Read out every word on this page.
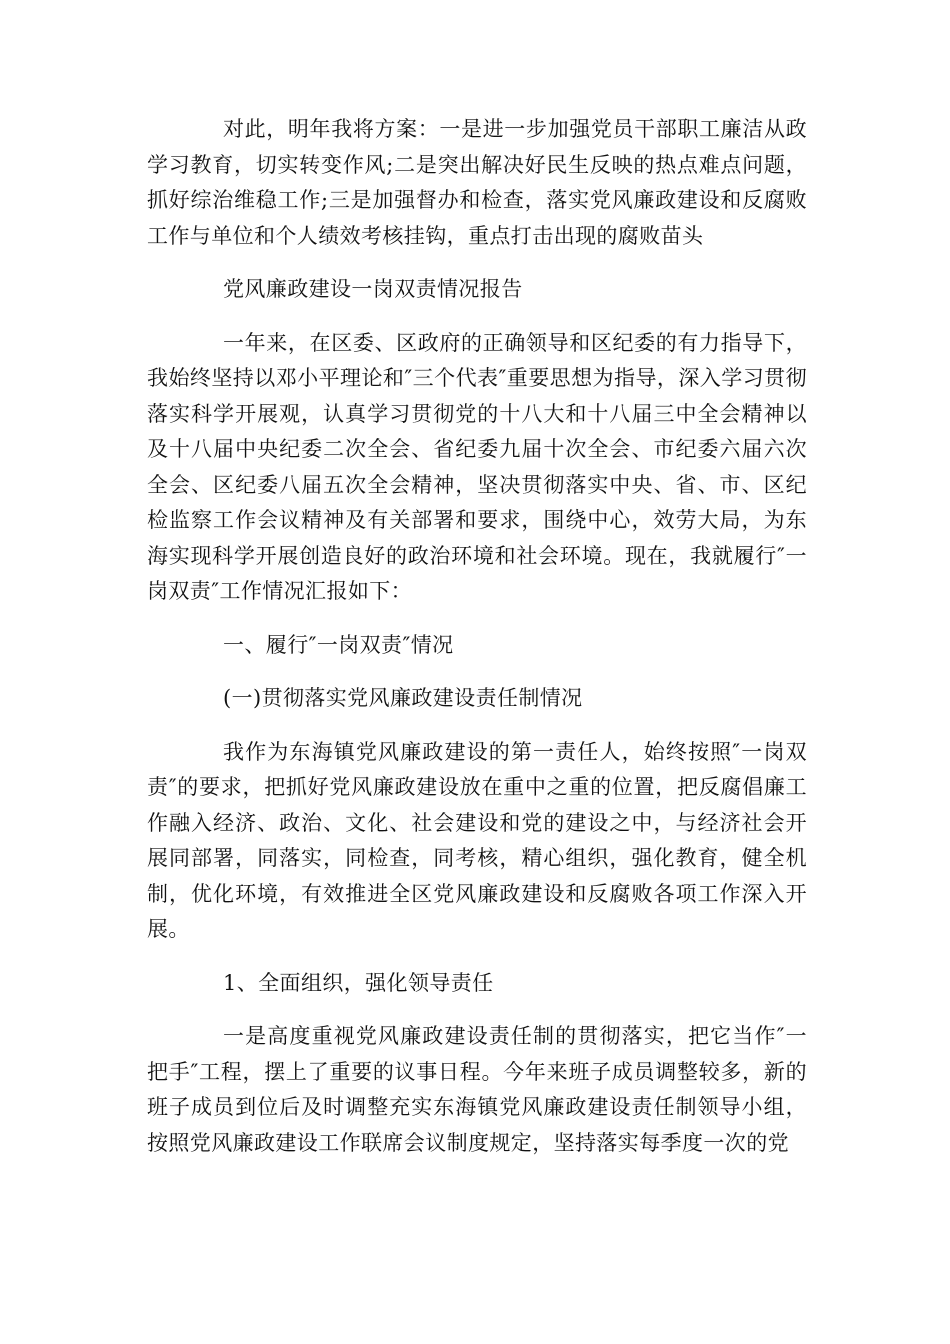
对此，明年我将方案：一是进一步加强党员干部职工廉洁从政学习教育，切实转变作风;二是突出解决好民生反映的热点难点问题，抓好综治维稳工作;三是加强督办和检查，落实党风廉政建设和反腐败工作与单位和个人绩效考核挂钩，重点打击出现的腐败苗头

党风廉政建设一岗双责情况报告

一年来，在区委、区政府的正确领导和区纪委的有力指导下，我始终坚持以邓小平理论和″三个代表″重要思想为指导，深入学习贯彻落实科学开展观，认真学习贯彻党的十八大和十八届三中全会精神以及十八届中央纪委二次全会、省纪委九届十次全会、市纪委六届六次全会、区纪委八届五次全会精神，坚决贯彻落实中央、省、市、区纪检监察工作会议精神及有关部署和要求，围绕中心，效劳大局，为东海实现科学开展创造良好的政治环境和社会环境。现在，我就履行″一岗双责″工作情况汇报如下：

一、履行″一岗双责″情况

(一)贯彻落实党风廉政建设责任制情况

我作为东海镇党风廉政建设的第一责任人，始终按照″一岗双责″的要求，把抓好党风廉政建设放在重中之重的位置，把反腐倡廉工作融入经济、政治、文化、社会建设和党的建设之中，与经济社会开展同部署，同落实，同检查，同考核，精心组织，强化教育，健全机制，优化环境，有效推进全区党风廉政建设和反腐败各项工作深入开展。

1、全面组织，强化领导责任

一是高度重视党风廉政建设责任制的贯彻落实，把它当作″一把手″工程，摆上了重要的议事日程。今年来班子成员调整较多，新的班子成员到位后及时调整充实东海镇党风廉政建设责任制领导小组，按照党风廉政建设工作联席会议制度规定，坚持落实每季度一次的党
